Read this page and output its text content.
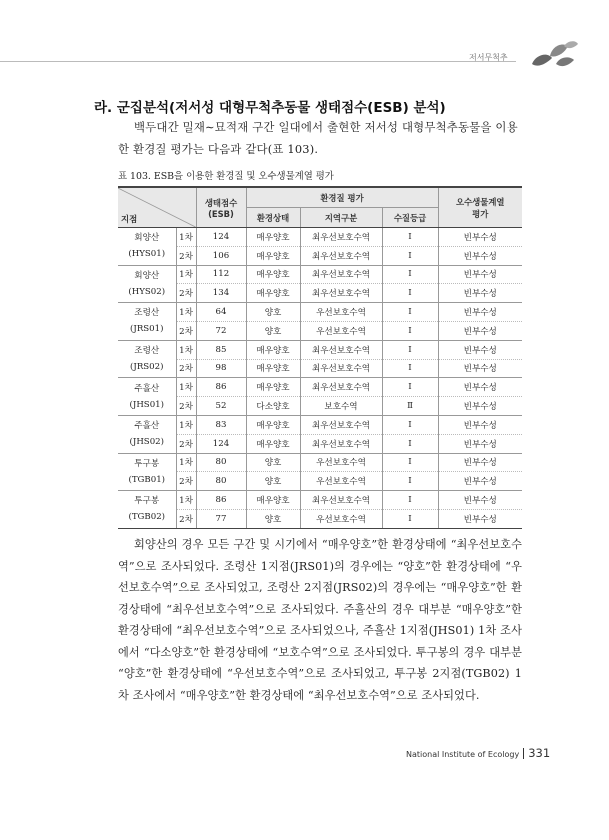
저서무척추
라. 군집분석(저서성 대형무척추동물 생태점수(ESB) 분석)
백두대간 밀재∼묘적재 구간 일대에서 출현한 저서성 대형무척추동물을 이용한 환경질 평가는 다음과 같다(표 103).
표 103. ESB을 이용한 환경질 및 오수생물계열 평가
지점		생태점수
(ESB)	환경질 평가			오수생물계열
평가
			환경상태	지역구분	수질등급	
회양산
(HYS01)	1차	124	매우양호	최우선보호수역	Ⅰ	빈부수성
	2차	106	매우양호	최우선보호수역	Ⅰ	빈부수성
회양산
(HYS02)	1차	112	매우양호	최우선보호수역	Ⅰ	빈부수성
	2차	134	매우양호	최우선보호수역	Ⅰ	빈부수성
조령산
(JRS01)	1차	64	양호	우선보호수역	Ⅰ	빈부수성
	2차	72	양호	우선보호수역	Ⅰ	빈부수성
조령산
(JRS02)	1차	85	매우양호	최우선보호수역	Ⅰ	빈부수성
	2차	98	매우양호	최우선보호수역	Ⅰ	빈부수성
주흘산
(JHS01)	1차	86	매우양호	최우선보호수역	Ⅰ	빈부수성
	2차	52	다소양호	보호수역	Ⅱ	빈부수성
주흘산
(JHS02)	1차	83	매우양호	최우선보호수역	Ⅰ	빈부수성
	2차	124	매우양호	최우선보호수역	Ⅰ	빈부수성
투구봉
(TGB01)	1차	80	양호	우선보호수역	Ⅰ	빈부수성
	2차	80	양호	우선보호수역	Ⅰ	빈부수성
투구봉
(TGB02)	1차	86	매우양호	최우선보호수역	Ⅰ	빈부수성
	2차	77	양호	우선보호수역	Ⅰ	빈부수성

회양산의 경우 모든 구간 및 시기에서 “매우양호”한 환경상태에 “최우선보호수역”으로 조사되었다. 조령산 1지점(JRS01)의 경우에는 “양호”한 환경상태에 “우선보호수역”으로 조사되었고, 조령산 2지점(JRS02)의 경우에는 “매우양호”한 환경상태에 “최우선보호수역”으로 조사되었다. 주흘산의 경우 대부분 “매우양호”한 환경상태에 “최우선보호수역”으로 조사되었으나, 주흘산 1지점(JHS01) 1차 조사에서 “다소양호”한 환경상태에 “보호수역”으로 조사되었다. 투구봉의 경우 대부분 “양호”한 환경상태에 “우선보호수역”으로 조사되었고, 투구봉 2지점(TGB02) 1차 조사에서 “매우양호”한 환경상태에 “최우선보호수역”으로 조사되었다.

National Institute of Ecology 331
